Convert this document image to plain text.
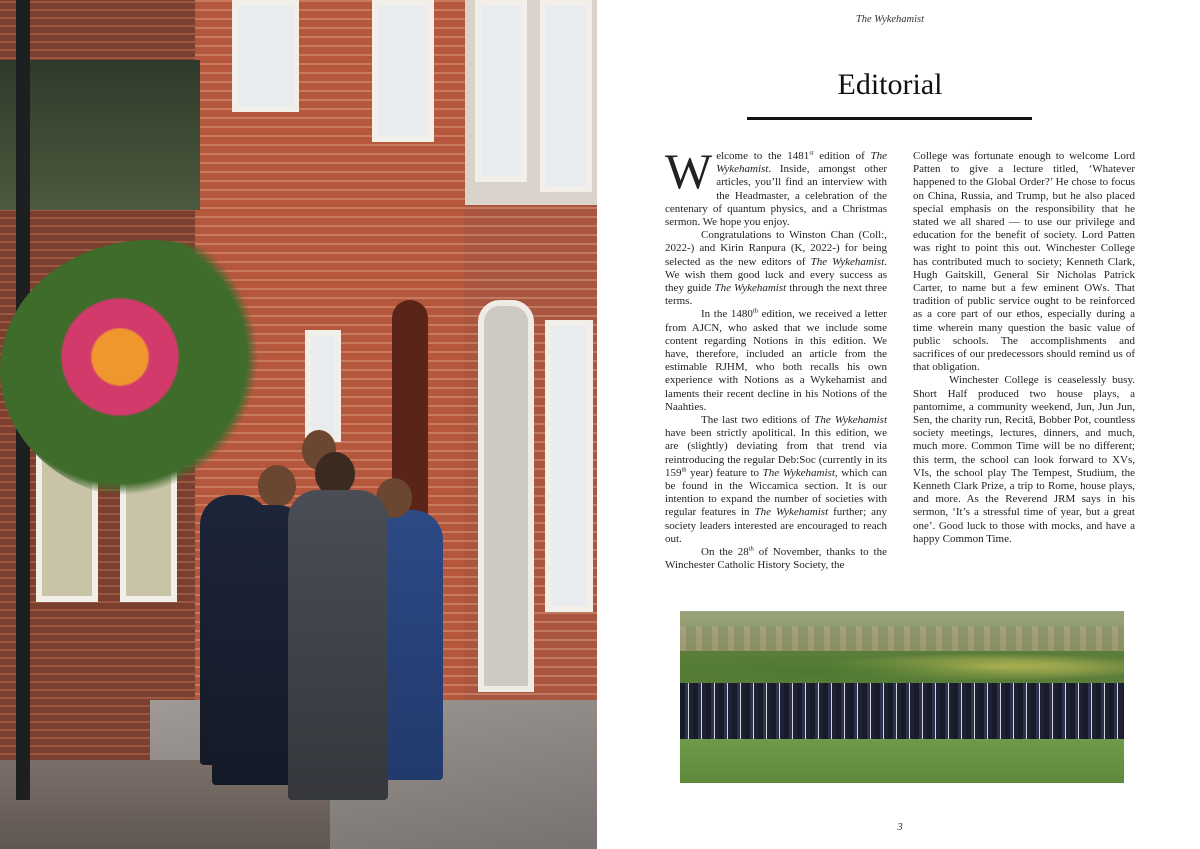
The Wykehamist
Editorial

Welcome to the 1481st edition of The Wykehamist. Inside, amongst other articles, you’ll find an interview with the Headmaster, a celebration of the centenary of quantum physics, and a Christmas sermon. We hope you enjoy.

Congratulations to Winston Chan (Coll:, 2022-) and Kirin Ranpura (K, 2022-) for being selected as the new editors of The Wykehamist. We wish them good luck and every success as they guide The Wykehamist through the next three terms.

In the 1480th edition, we received a letter from AJCN, who asked that we include some content regarding Notions in this edition. We have, therefore, included an article from the estimable RJHM, who both recalls his own experience with Notions as a Wykehamist and laments their recent decline in his Notions of the Naahties.

The last two editions of The Wykehamist have been strictly apolitical. In this edition, we are (slightly) deviating from that trend via reintroducing the regular Deb:Soc (currently in its 159th year) feature to The Wykehamist, which can be found in the Wiccamica section. It is our intention to expand the number of societies with regular features in The Wykehamist further; any society leaders interested are encouraged to reach out.

On the 28th of November, thanks to the Winchester Catholic History Society, the

College was fortunate enough to welcome Lord Patten to give a lecture titled, ‘Whatever happened to the Global Order?’ He chose to focus on China, Russia, and Trump, but he also placed special emphasis on the responsibility that he stated we all shared — to use our privilege and education for the benefit of society. Lord Patten was right to point this out. Winchester College has contributed much to society; Kenneth Clark, Hugh Gaitskill, General Sir Nicholas Patrick Carter, to name but a few eminent OWs. That tradition of public service ought to be reinforced as a core part of our ethos, especially during a time wherein many question the basic value of public schools. The accomplishments and sacrifices of our predecessors should remind us of that obligation.

Winchester College is ceaselessly busy. Short Half produced two house plays, a pantomime, a community weekend, Jun, Jun Jun, Sen, the charity run, Recitā, Bobber Pot, countless society meetings, lectures, dinners, and much, much more. Common Time will be no different; this term, the school can look forward to XVs, VIs, the school play The Tempest, Studium, the Kenneth Clark Prize, a trip to Rome, house plays, and more. As the Reverend JRM says in his sermon, ‘It’s a stressful time of year, but a great one’. Good luck to those with mocks, and have a happy Common Time.

3
